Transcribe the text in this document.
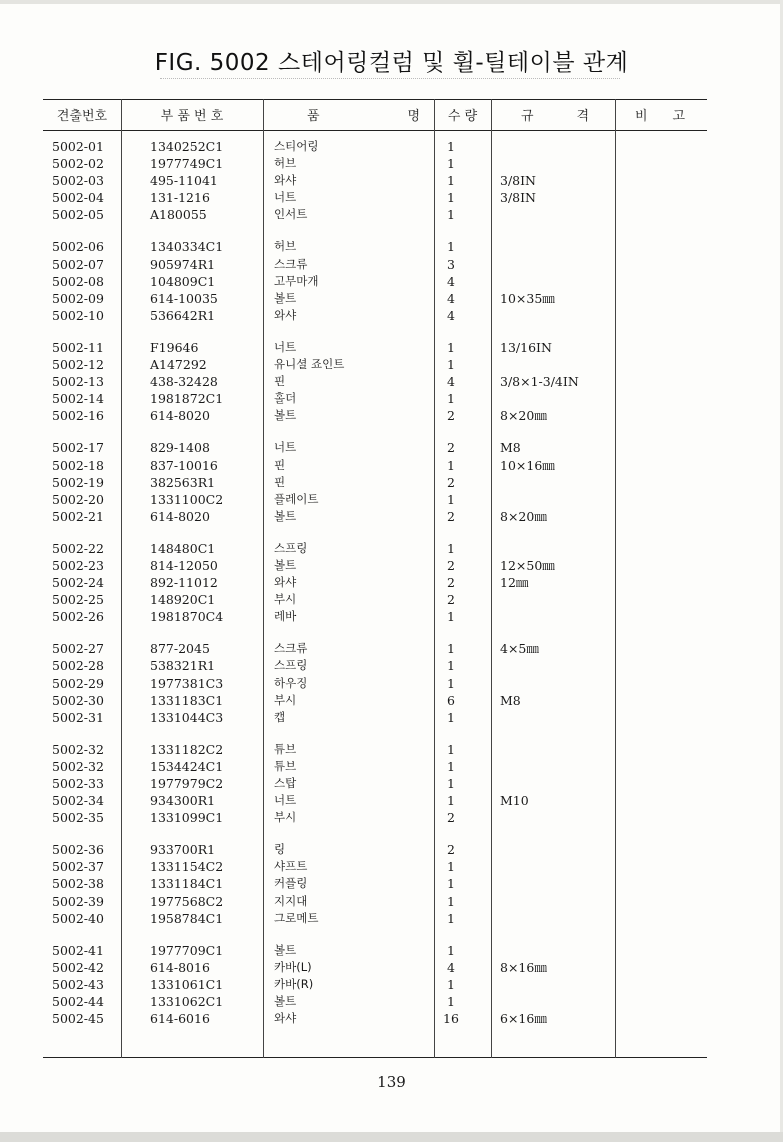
FIG. 5002 스테어링컬럼 및 휠-틸테이블 관계
견출번호	부 품 번 호	품	명	수 량	규	격	비 고
5002-01	1340252C1	스티어링	1
5002-02	1977749C1	허브	1
5002-03	495-11041	와샤	1	3/8IN
5002-04	131-1216	너트	1	3/8IN
5002-05	A180055	인서트	1
5002-06	1340334C1	허브	1
5002-07	905974R1	스크류	3
5002-08	104809C1	고무마개	4
5002-09	614-10035	볼트	4	10×35㎜
5002-10	536642R1	와샤	4
5002-11	F19646	너트	1	13/16IN
5002-12	A147292	유니셜 죠인트	1
5002-13	438-32428	핀	4	3/8×1-3/4IN
5002-14	1981872C1	홀더	1
5002-16	614-8020	볼트	2	8×20㎜
5002-17	829-1408	너트	2	M8
5002-18	837-10016	핀	1	10×16㎜
5002-19	382563R1	핀	2
5002-20	1331100C2	플레이트	1
5002-21	614-8020	볼트	2	8×20㎜
5002-22	148480C1	스프링	1
5002-23	814-12050	볼트	2	12×50㎜
5002-24	892-11012	와샤	2	12㎜
5002-25	148920C1	부시	2
5002-26	1981870C4	레바	1
5002-27	877-2045	스크류	1	4×5㎜
5002-28	538321R1	스프링	1
5002-29	1977381C3	하우징	1
5002-30	1331183C1	부시	6	M8
5002-31	1331044C3	캡	1
5002-32	1331182C2	튜브	1
5002-32	1534424C1	튜브	1
5002-33	1977979C2	스탑	1
5002-34	934300R1	너트	1	M10
5002-35	1331099C1	부시	2
5002-36	933700R1	링	2
5002-37	1331154C2	샤프트	1
5002-38	1331184C1	커플링	1
5002-39	1977568C2	지지대	1
5002-40	1958784C1	그로메트	1
5002-41	1977709C1	볼트	1
5002-42	614-8016	카바(L)	4	8×16㎜
5002-43	1331061C1	카바(R)	1
5002-44	1331062C1	볼트	1
5002-45	614-6016	와샤	16	6×16㎜
139
